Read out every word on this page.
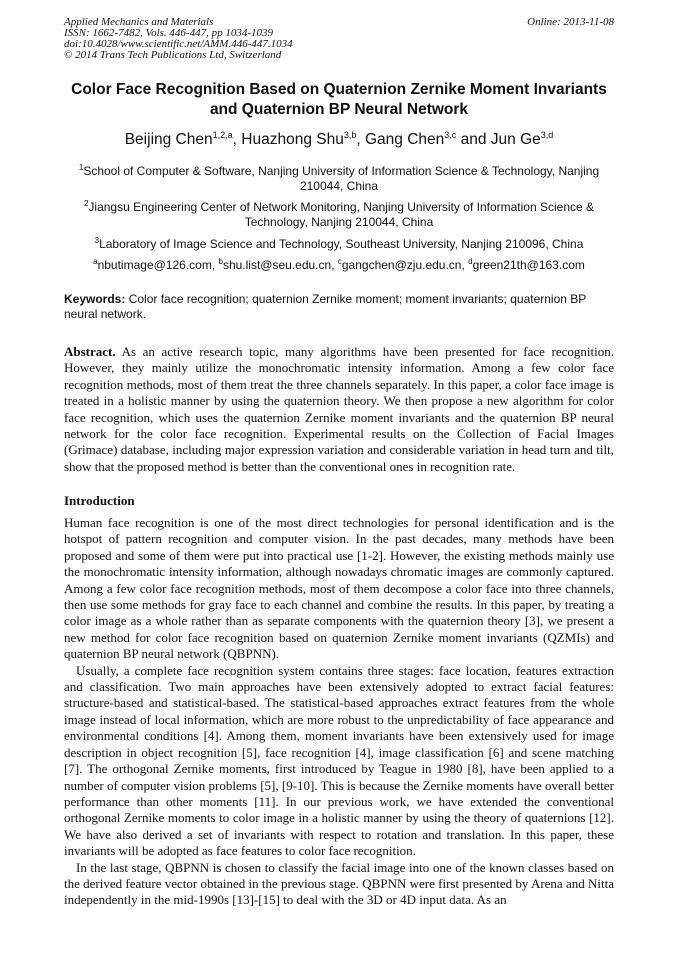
Applied Mechanics and Materials
ISSN: 1662-7482, Vols. 446-447, pp 1034-1039
doi:10.4028/www.scientific.net/AMM.446-447.1034
© 2014 Trans Tech Publications Ltd, Switzerland
Online: 2013-11-08
Color Face Recognition Based on Quaternion Zernike Moment Invariants
and Quaternion BP Neural Network
Beijing Chen$^{1,2,a}$, Huazhong Shu$^{3,b}$, Gang Chen$^{3,c}$ and Jun Ge$^{3,d}$
$^1$School of Computer & Software, Nanjing University of Information Science & Technology, Nanjing 210044, China
$^2$Jiangsu Engineering Center of Network Monitoring, Nanjing University of Information Science & Technology, Nanjing 210044, China
$^3$Laboratory of Image Science and Technology, Southeast University, Nanjing 210096, China
$^a$nbutimage@126.com, $^b$shu.list@seu.edu.cn, $^c$gangchen@zju.edu.cn, $^d$green21th@163.com
Keywords: Color face recognition; quaternion Zernike moment; moment invariants; quaternion BP neural network.
Abstract. As an active research topic, many algorithms have been presented for face recognition. However, they mainly utilize the monochromatic intensity information. Among a few color face recognition methods, most of them treat the three channels separately. In this paper, a color face image is treated in a holistic manner by using the quaternion theory. We then propose a new algorithm for color face recognition, which uses the quaternion Zernike moment invariants and the quaternion BP neural network for the color face recognition. Experimental results on the Collection of Facial Images (Grimace) database, including major expression variation and considerable variation in head turn and tilt, show that the proposed method is better than the conventional ones in recognition rate.
Introduction

Human face recognition is one of the most direct technologies for personal identification and is the hotspot of pattern recognition and computer vision. In the past decades, many methods have been proposed and some of them were put into practical use [1-2]. However, the existing methods mainly use the monochromatic intensity information, although nowadays chromatic images are commonly captured. Among a few color face recognition methods, most of them decompose a color face into three channels, then use some methods for gray face to each channel and combine the results. In this paper, by treating a color image as a whole rather than as separate components with the quaternion theory [3], we present a new method for color face recognition based on quaternion Zernike moment invariants (QZMIs) and quaternion BP neural network (QBPNN).

Usually, a complete face recognition system contains three stages: face location, features extraction and classification. Two main approaches have been extensively adopted to extract facial features: structure-based and statistical-based. The statistical-based approaches extract features from the whole image instead of local information, which are more robust to the unpredictability of face appearance and environmental conditions [4]. Among them, moment invariants have been extensively used for image description in object recognition [5], face recognition [4], image classification [6] and scene matching [7]. The orthogonal Zernike moments, first introduced by Teague in 1980 [8], have been applied to a number of computer vision problems [5], [9-10]. This is because the Zernike moments have overall better performance than other moments [11]. In our previous work, we have extended the conventional orthogonal Zernike moments to color image in a holistic manner by using the theory of quaternions [12]. We have also derived a set of invariants with respect to rotation and translation. In this paper, these invariants will be adopted as face features to color face recognition.

In the last stage, QBPNN is chosen to classify the facial image into one of the known classes based on the derived feature vector obtained in the previous stage. QBPNN were first presented by Arena and Nitta independently in the mid-1990s [13]-[15] to deal with the 3D or 4D input data. As an
